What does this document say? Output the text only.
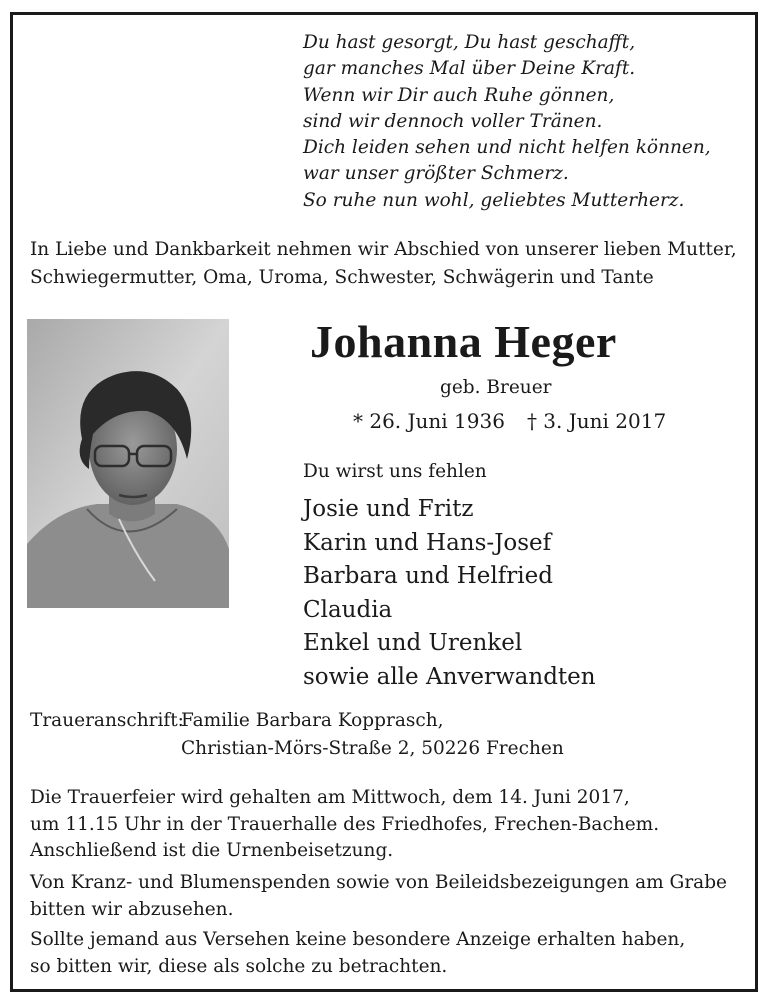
Du hast gesorgt, Du hast geschafft,
gar manches Mal über Deine Kraft.
Wenn wir Dir auch Ruhe gönnen,
sind wir dennoch voller Tränen.
Dich leiden sehen und nicht helfen können,
war unser größter Schmerz.
So ruhe nun wohl, geliebtes Mutterherz.
In Liebe und Dankbarkeit nehmen wir Abschied von unserer lieben Mutter,
Schwiegermutter, Oma, Uroma, Schwester, Schwägerin und Tante
Johanna Heger
geb. Breuer
* 26. Juni 1936 † 3. Juni 2017
Du wirst uns fehlen
Josie und Fritz
Karin und Hans-Josef
Barbara und Helfried
Claudia
Enkel und Urenkel
sowie alle Anverwandten
Traueranschrift:Familie Barbara Kopprasch,
Christian-Mörs-Straße 2, 50226 Frechen
Die Trauerfeier wird gehalten am Mittwoch, dem 14. Juni 2017,
um 11.15 Uhr in der Trauerhalle des Friedhofes, Frechen-Bachem.
Anschließend ist die Urnenbeisetzung.
Von Kranz- und Blumenspenden sowie von Beileidsbezeigungen am Grabe
bitten wir abzusehen.
Sollte jemand aus Versehen keine besondere Anzeige erhalten haben,
so bitten wir, diese als solche zu betrachten.
